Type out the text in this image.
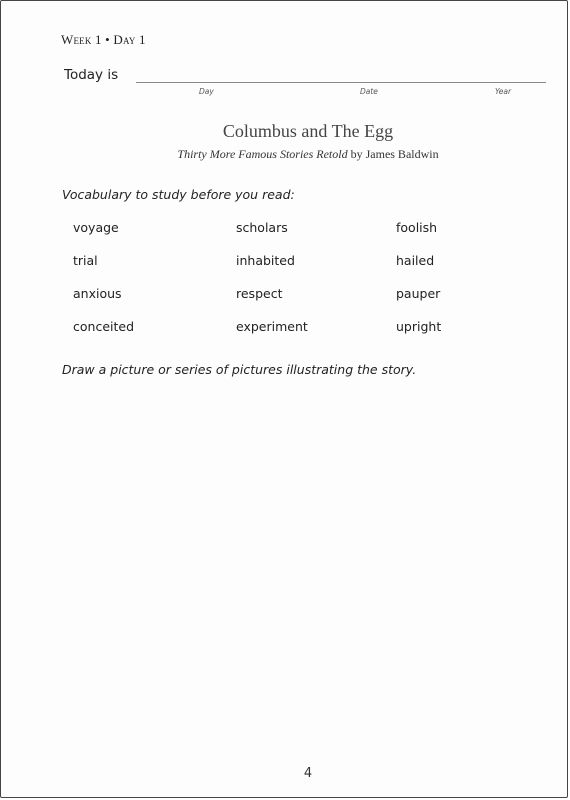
Week 1 • Day 1
Today is
Day	Date	Year
Columbus and The Egg
Thirty More Famous Stories Retold by James Baldwin
Vocabulary to study before you read:
voyage	scholars	foolish
trial	inhabited	hailed
anxious	respect	pauper
conceited	experiment	upright
Draw a picture or series of pictures illustrating the story.
4
